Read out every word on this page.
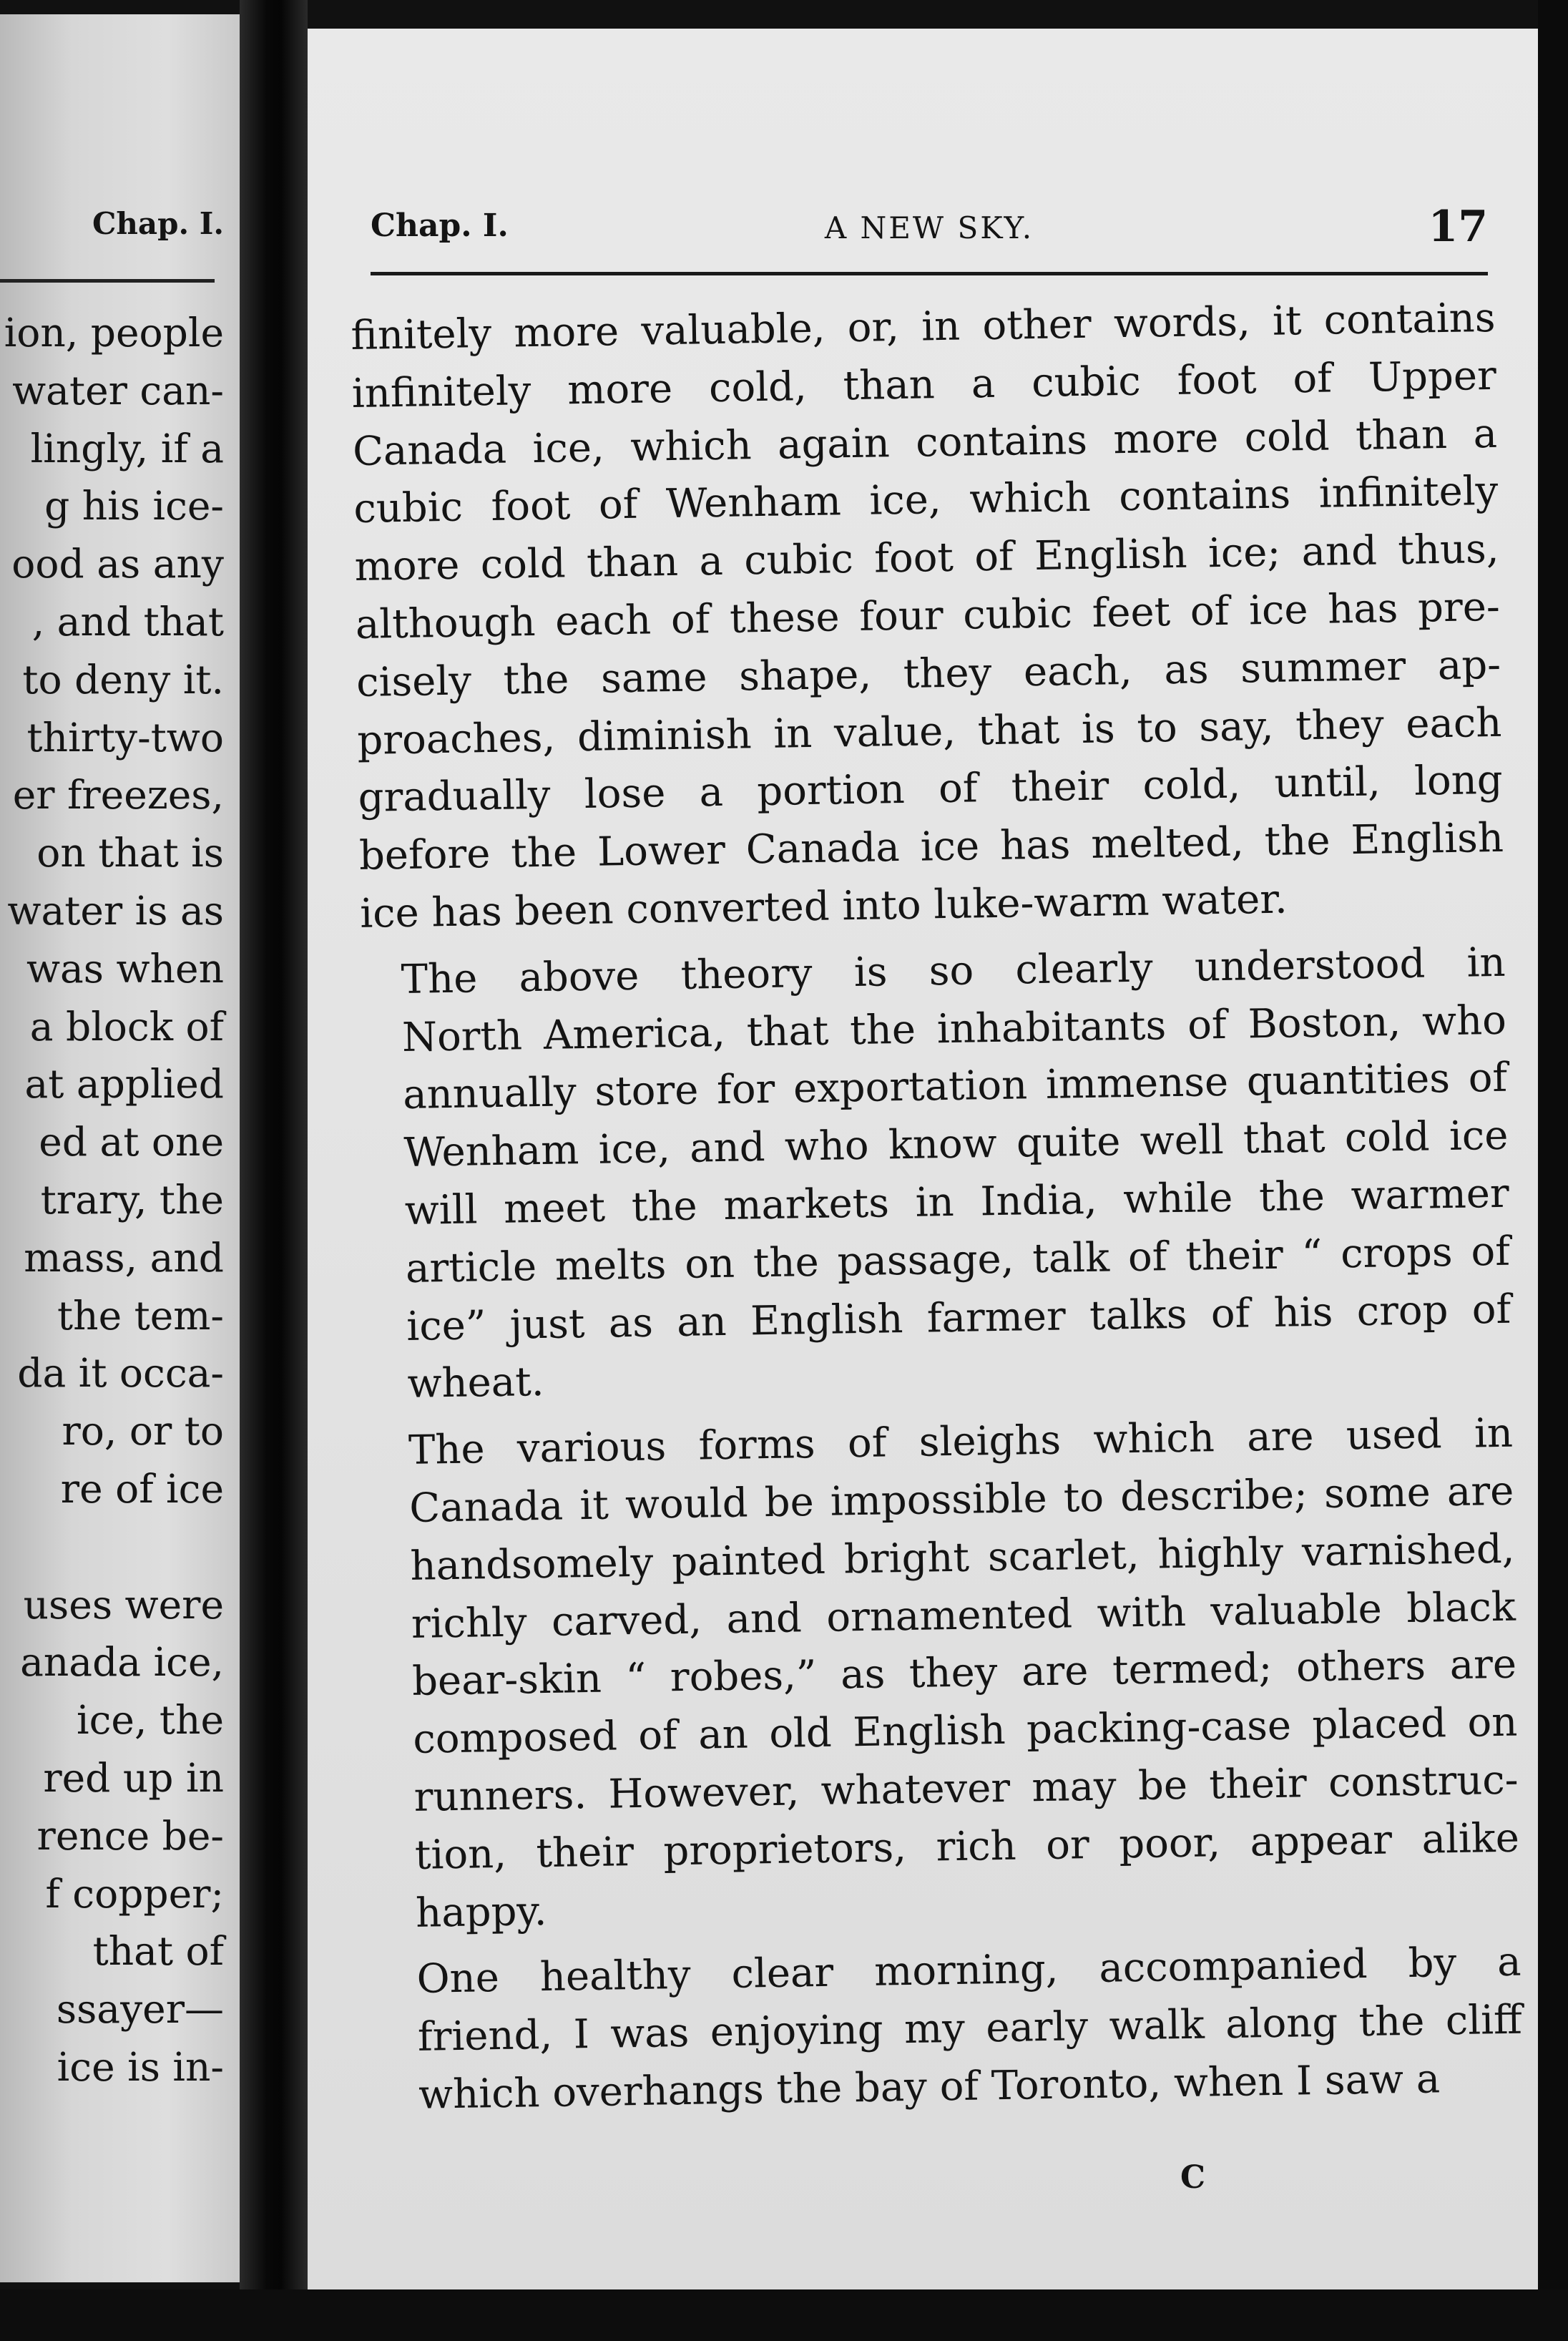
Chap. I.
ion, people
water can-
lingly, if a
g his ice-
ood as any
, and that
to deny it.
thirty-two
er freezes,
on that is
water is as
was when
a block of
at applied
ed at one
trary, the
mass, and
the tem-
da it occa-
ro, or to
re of ice
uses were
anada ice,
ice, the
red up in
rence be-
f copper;
that of
ssayer—
ice is in-
Chap. I.	A NEW SKY.	17

finitely more valuable, or, in other words, it contains
infinitely more cold, than a cubic foot of Upper
Canada ice, which again contains more cold than a
cubic foot of Wenham ice, which contains infinitely
more cold than a cubic foot of English ice; and thus,
although each of these four cubic feet of ice has pre-
cisely the same shape, they each, as summer ap-
proaches, diminish in value, that is to say, they each
gradually lose a portion of their cold, until, long
before the Lower Canada ice has melted, the English
ice has been converted into luke-warm water.

The above theory is so clearly understood in
North America, that the inhabitants of Boston, who
annually store for exportation immense quantities of
Wenham ice, and who know quite well that cold ice
will meet the markets in India, while the warmer
article melts on the passage, talk of their “ crops of
ice” just as an English farmer talks of his crop of
wheat.

The various forms of sleighs which are used in
Canada it would be impossible to describe; some are
handsomely painted bright scarlet, highly varnished,
richly carved, and ornamented with valuable black
bear-skin “ robes,” as they are termed; others are
composed of an old English packing-case placed on
runners. However, whatever may be their construc-
tion, their proprietors, rich or poor, appear alike
happy.

One healthy clear morning, accompanied by a
friend, I was enjoying my early walk along the cliff
which overhangs the bay of Toronto, when I saw a

C
